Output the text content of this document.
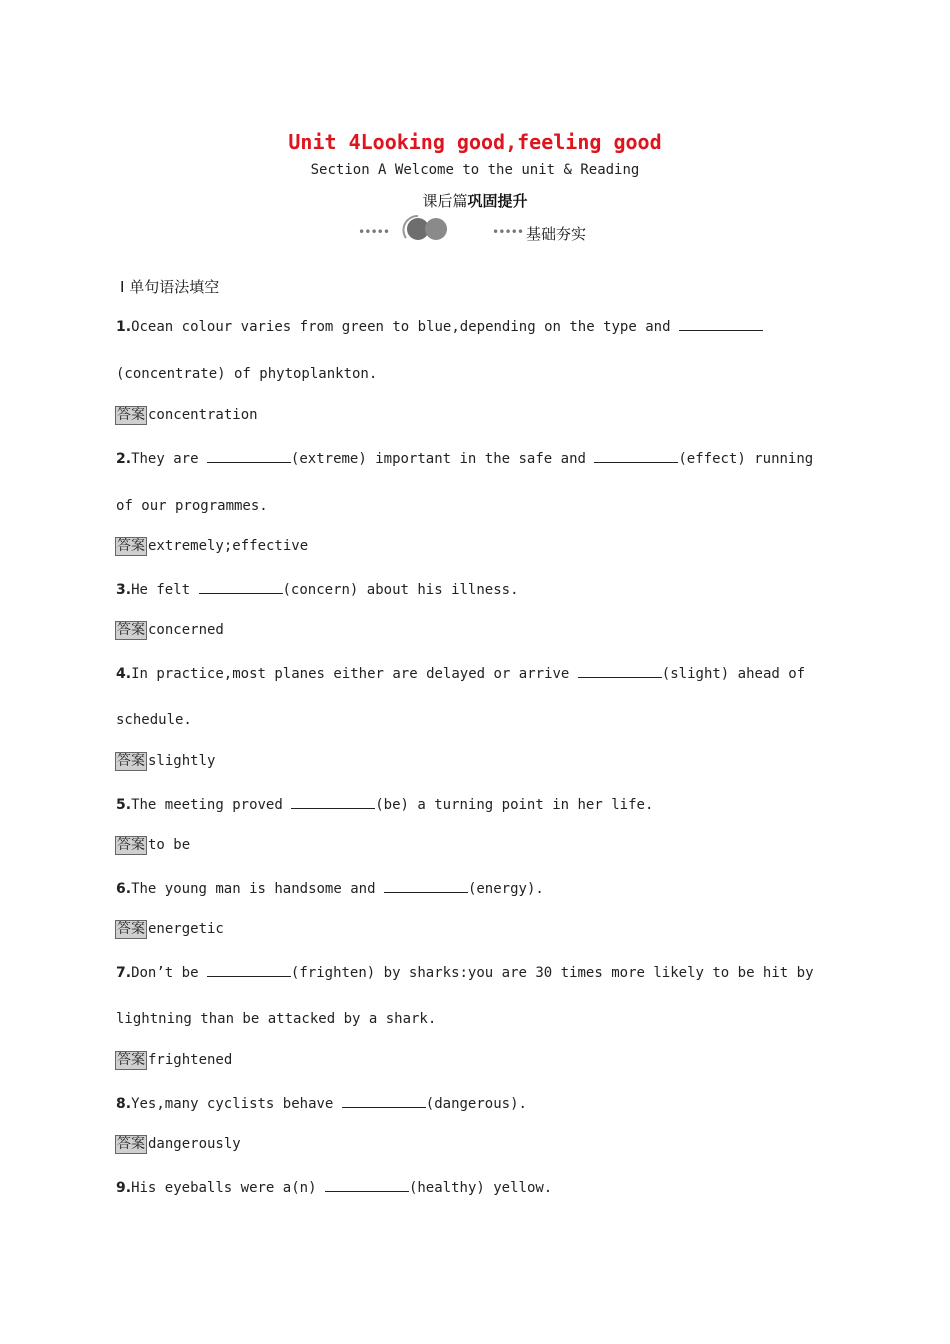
Unit 4Looking good,feeling good
Section A Welcome to the unit & Reading
课后篇巩固提升
•••••	••••• 基础夯实
Ⅰ 单句语法填空
1.Ocean colour varies from green to blue,depending on the type and
(concentrate) of phytoplankton.
答案 concentration
2.They are	(extreme) important in the safe and	(effect) running
of our programmes.
答案 extremely;effective
3.He felt	(concern) about his illness.
答案 concerned
4.In practice,most planes either are delayed or arrive	(slight) ahead of
schedule.
答案 slightly
5.The meeting proved	(be) a turning point in her life.
答案 to be
6.The young man is handsome and	(energy).
答案 energetic
7.Don’t be	(frighten) by sharks:you are 30 times more likely to be hit by
lightning than be attacked by a shark.
答案 frightened
8.Yes,many cyclists behave	(dangerous).
答案 dangerously
9.His eyeballs were a(n)	(healthy) yellow.
